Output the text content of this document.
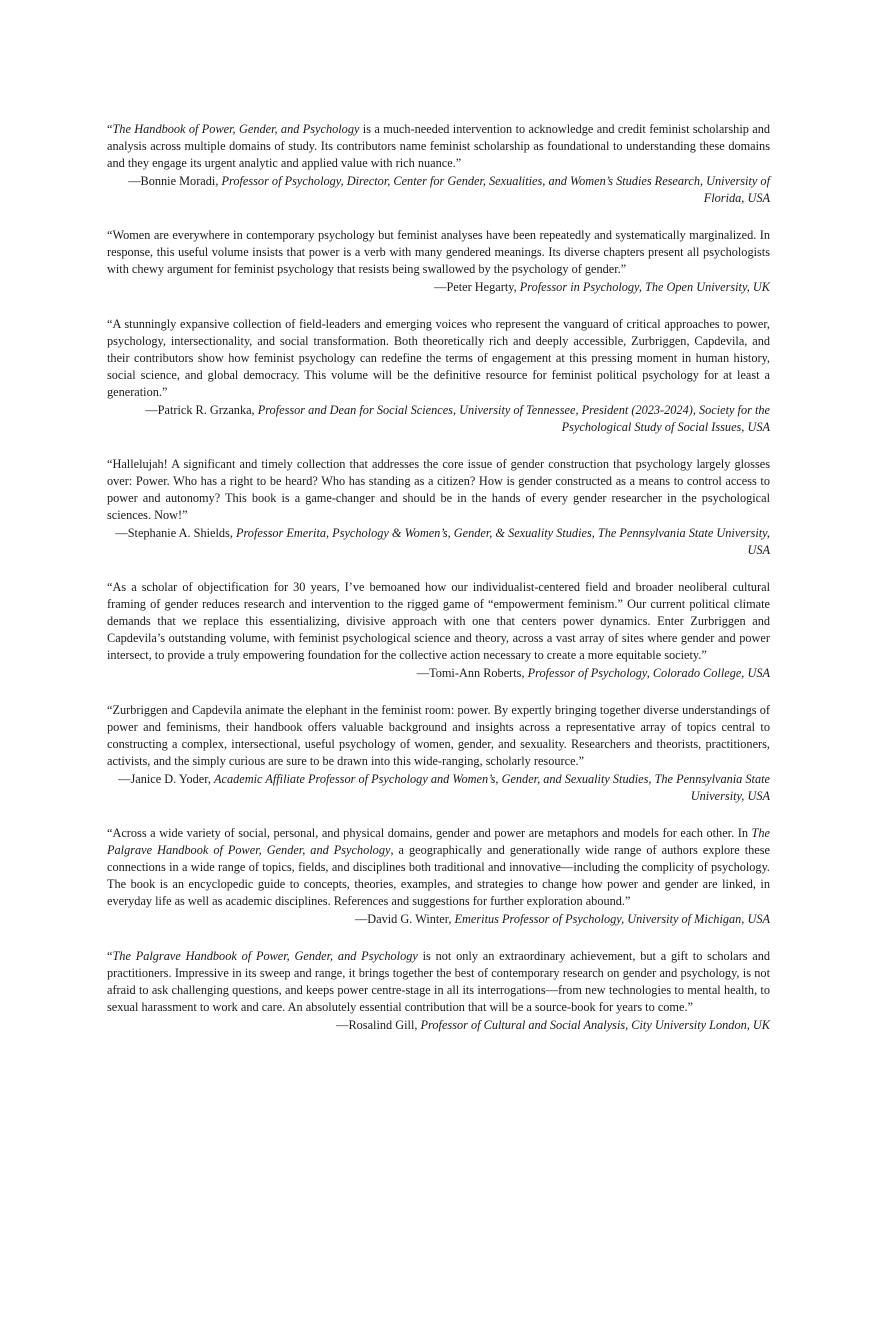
“The Handbook of Power, Gender, and Psychology is a much-needed intervention to acknowledge and credit feminist scholarship and analysis across multiple domains of study. Its contributors name feminist scholarship as foundational to understanding these domains and they engage its urgent analytic and applied value with rich nuance.”

—Bonnie Moradi, Professor of Psychology, Director, Center for Gender, Sexualities, and Women’s Studies Research, University of Florida, USA

“Women are everywhere in contemporary psychology but feminist analyses have been repeatedly and systematically marginalized. In response, this useful volume insists that power is a verb with many gendered meanings. Its diverse chapters present all psychologists with chewy argument for feminist psychology that resists being swallowed by the psychology of gender.”

—Peter Hegarty, Professor in Psychology, The Open University, UK

“A stunningly expansive collection of field-leaders and emerging voices who represent the vanguard of critical approaches to power, psychology, intersectionality, and social transformation. Both theoretically rich and deeply accessible, Zurbriggen, Capdevila, and their contributors show how feminist psychology can redefine the terms of engagement at this pressing moment in human history, social science, and global democracy. This volume will be the definitive resource for feminist political psychology for at least a generation.”

—Patrick R. Grzanka, Professor and Dean for Social Sciences, University of Tennessee, President (2023-2024), Society for the Psychological Study of Social Issues, USA

“Hallelujah! A significant and timely collection that addresses the core issue of gender construction that psychology largely glosses over: Power. Who has a right to be heard? Who has standing as a citizen? How is gender constructed as a means to control access to power and autonomy? This book is a game-changer and should be in the hands of every gender researcher in the psychological sciences. Now!”

—Stephanie A. Shields, Professor Emerita, Psychology & Women’s, Gender, & Sexuality Studies, The Pennsylvania State University, USA

“As a scholar of objectification for 30 years, I’ve bemoaned how our individualist-centered field and broader neoliberal cultural framing of gender reduces research and intervention to the rigged game of “empowerment feminism.” Our current political climate demands that we replace this essentializing, divisive approach with one that centers power dynamics. Enter Zurbriggen and Capdevila’s outstanding volume, with feminist psychological science and theory, across a vast array of sites where gender and power intersect, to provide a truly empowering foundation for the collective action necessary to create a more equitable society.”

—Tomi-Ann Roberts, Professor of Psychology, Colorado College, USA

“Zurbriggen and Capdevila animate the elephant in the feminist room: power. By expertly bringing together diverse understandings of power and feminisms, their handbook offers valuable background and insights across a representative array of topics central to constructing a complex, intersectional, useful psychology of women, gender, and sexuality. Researchers and theorists, practitioners, activists, and the simply curious are sure to be drawn into this wide-ranging, scholarly resource.”

—Janice D. Yoder, Academic Affiliate Professor of Psychology and Women’s, Gender, and Sexuality Studies, The Pennsylvania State University, USA

“Across a wide variety of social, personal, and physical domains, gender and power are metaphors and models for each other. In The Palgrave Handbook of Power, Gender, and Psychology, a geographically and generationally wide range of authors explore these connections in a wide range of topics, fields, and disciplines both traditional and innovative—including the complicity of psychology. The book is an encyclopedic guide to concepts, theories, examples, and strategies to change how power and gender are linked, in everyday life as well as academic disciplines. References and suggestions for further exploration abound.”

—David G. Winter, Emeritus Professor of Psychology, University of Michigan, USA

“The Palgrave Handbook of Power, Gender, and Psychology is not only an extraordinary achievement, but a gift to scholars and practitioners. Impressive in its sweep and range, it brings together the best of contemporary research on gender and psychology, is not afraid to ask challenging questions, and keeps power centre-stage in all its interrogations—from new technologies to mental health, to sexual harassment to work and care. An absolutely essential contribution that will be a source-book for years to come.”

—Rosalind Gill, Professor of Cultural and Social Analysis, City University London, UK
